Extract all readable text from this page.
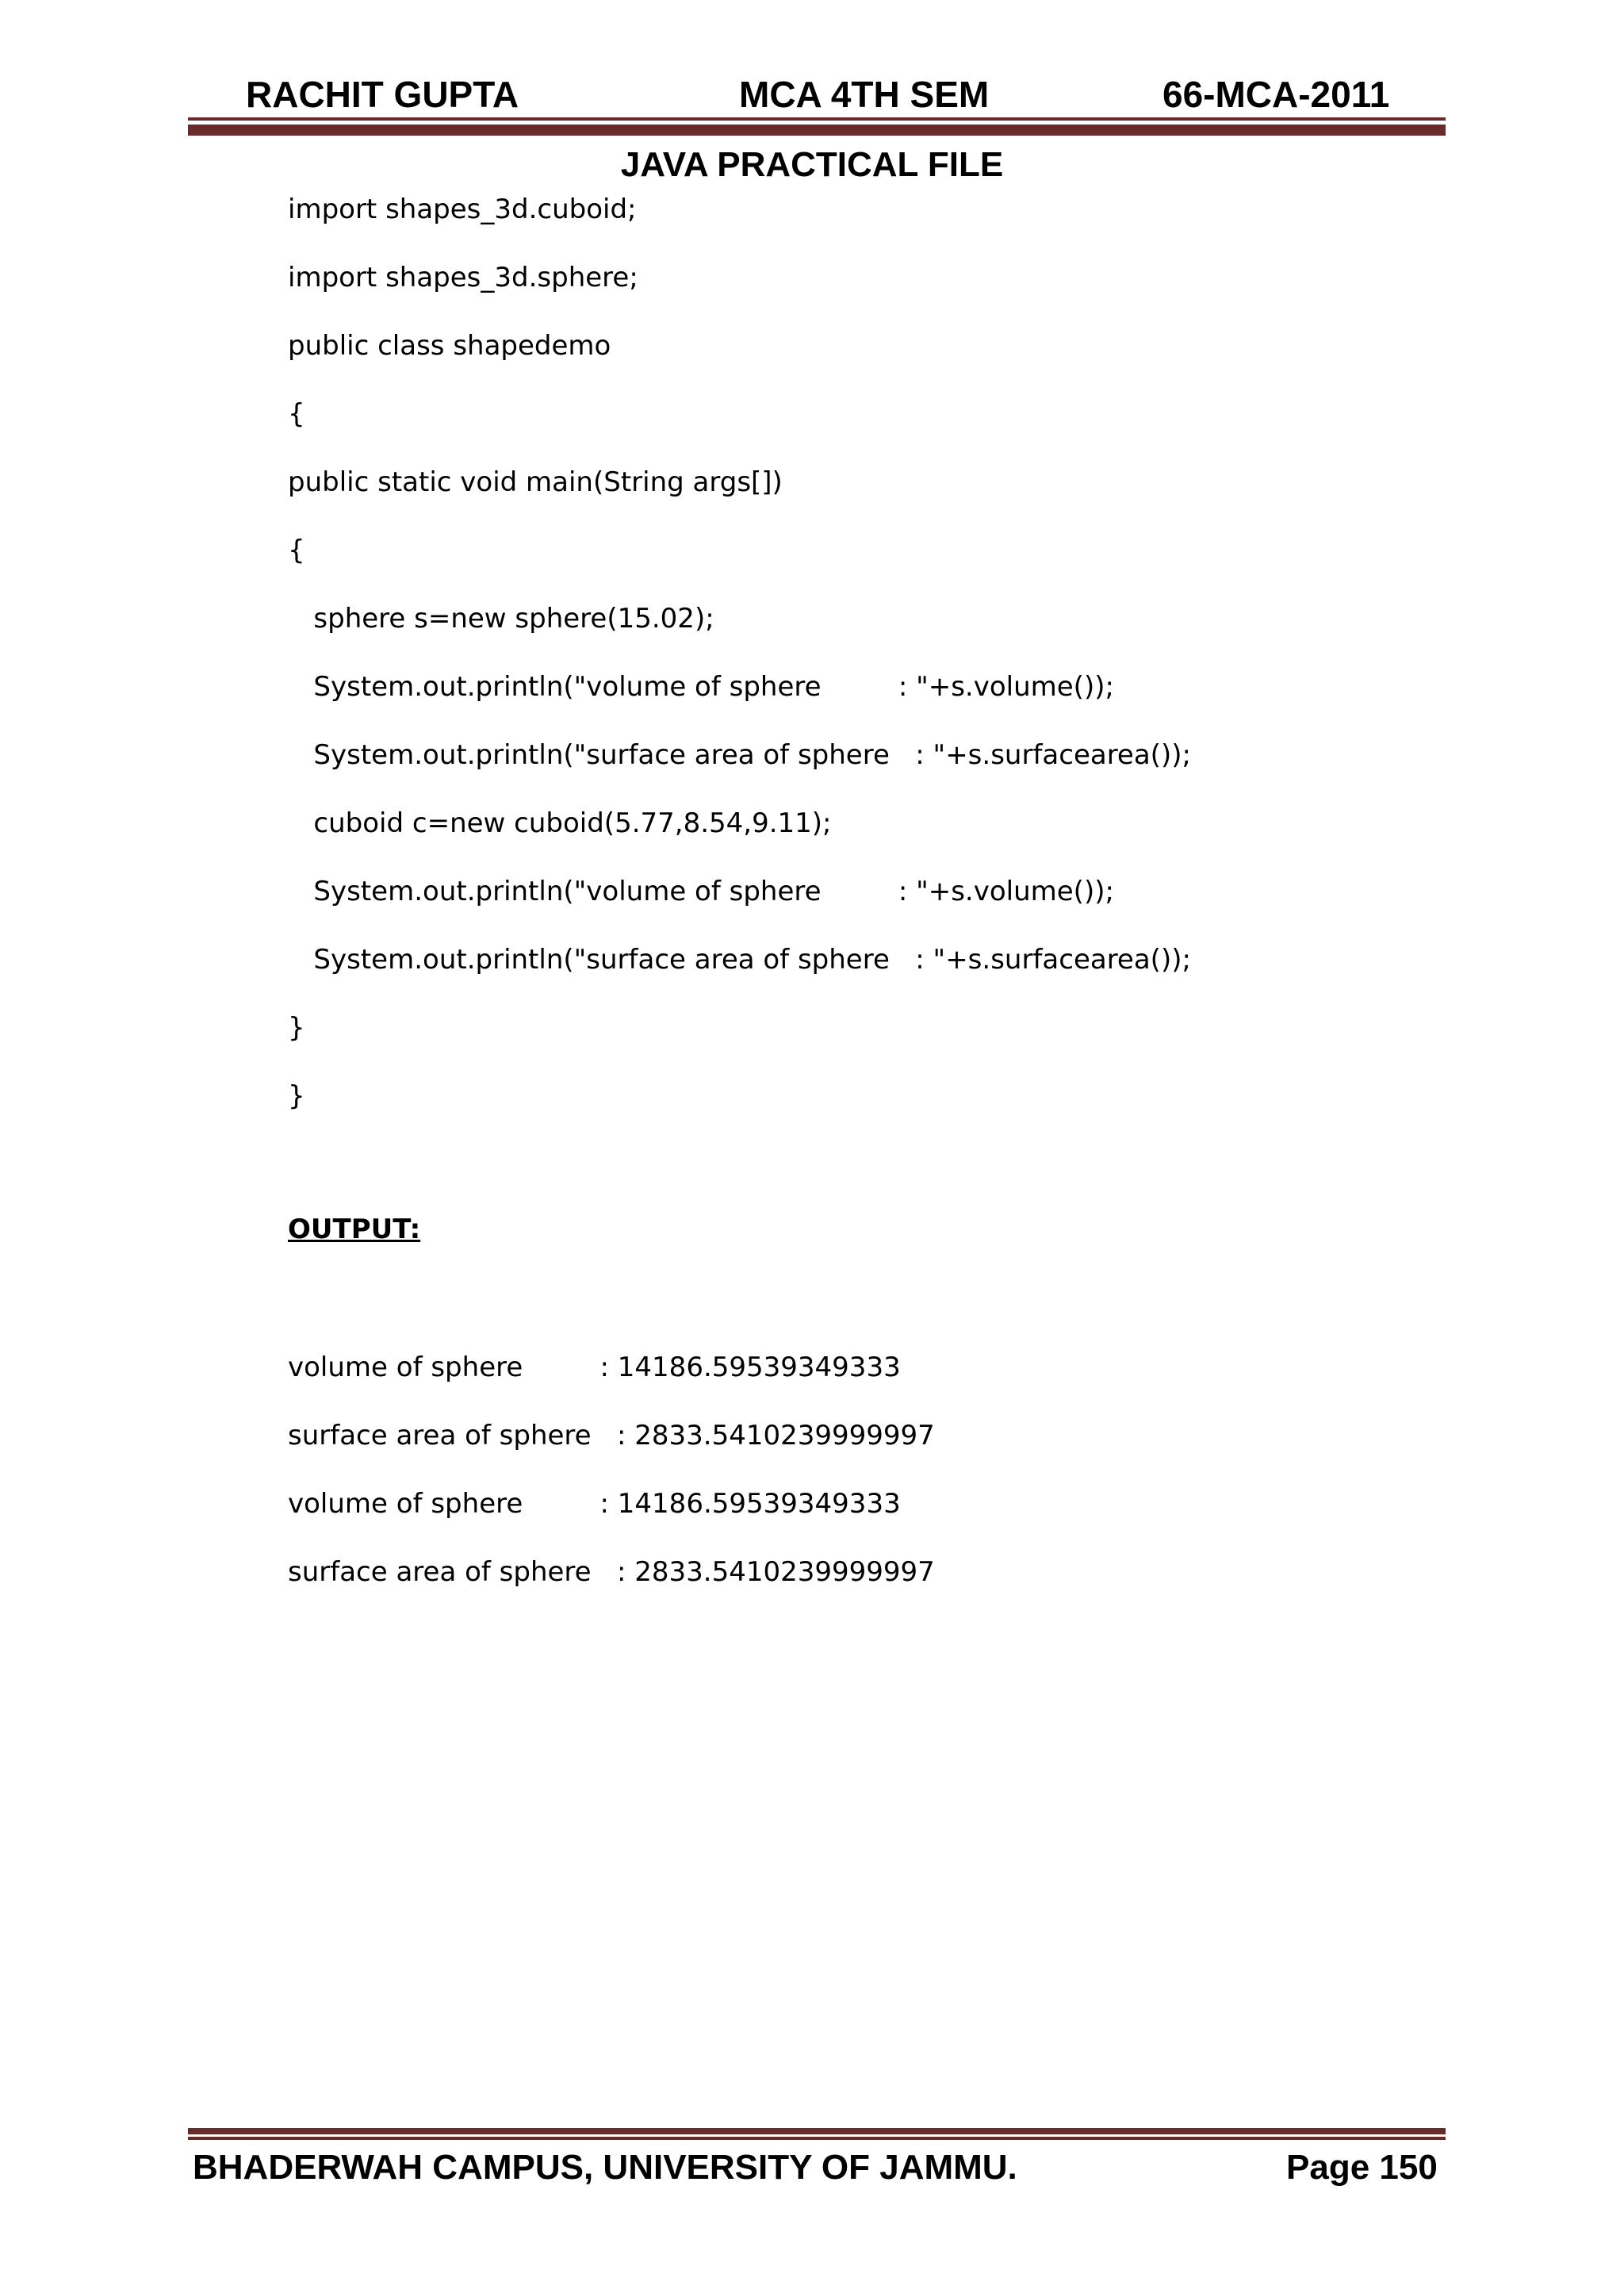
RACHIT GUPTA	MCA 4TH SEM	66-MCA-2011
JAVA PRACTICAL FILE
import shapes_3d.cuboid;
import shapes_3d.sphere;
public class shapedemo
{
public static void main(String args[])
{
sphere s=new sphere(15.02);
System.out.println("volume of sphere         : "+s.volume());
System.out.println("surface area of sphere   : "+s.surfacearea());
cuboid c=new cuboid(5.77,8.54,9.11);
System.out.println("volume of sphere         : "+s.volume());
System.out.println("surface area of sphere   : "+s.surfacearea());
}
}
OUTPUT:
volume of sphere         : 14186.59539349333
surface area of sphere   : 2833.5410239999997
volume of sphere         : 14186.59539349333
surface area of sphere   : 2833.5410239999997
BHADERWAH CAMPUS, UNIVERSITY OF JAMMU.	Page 150
